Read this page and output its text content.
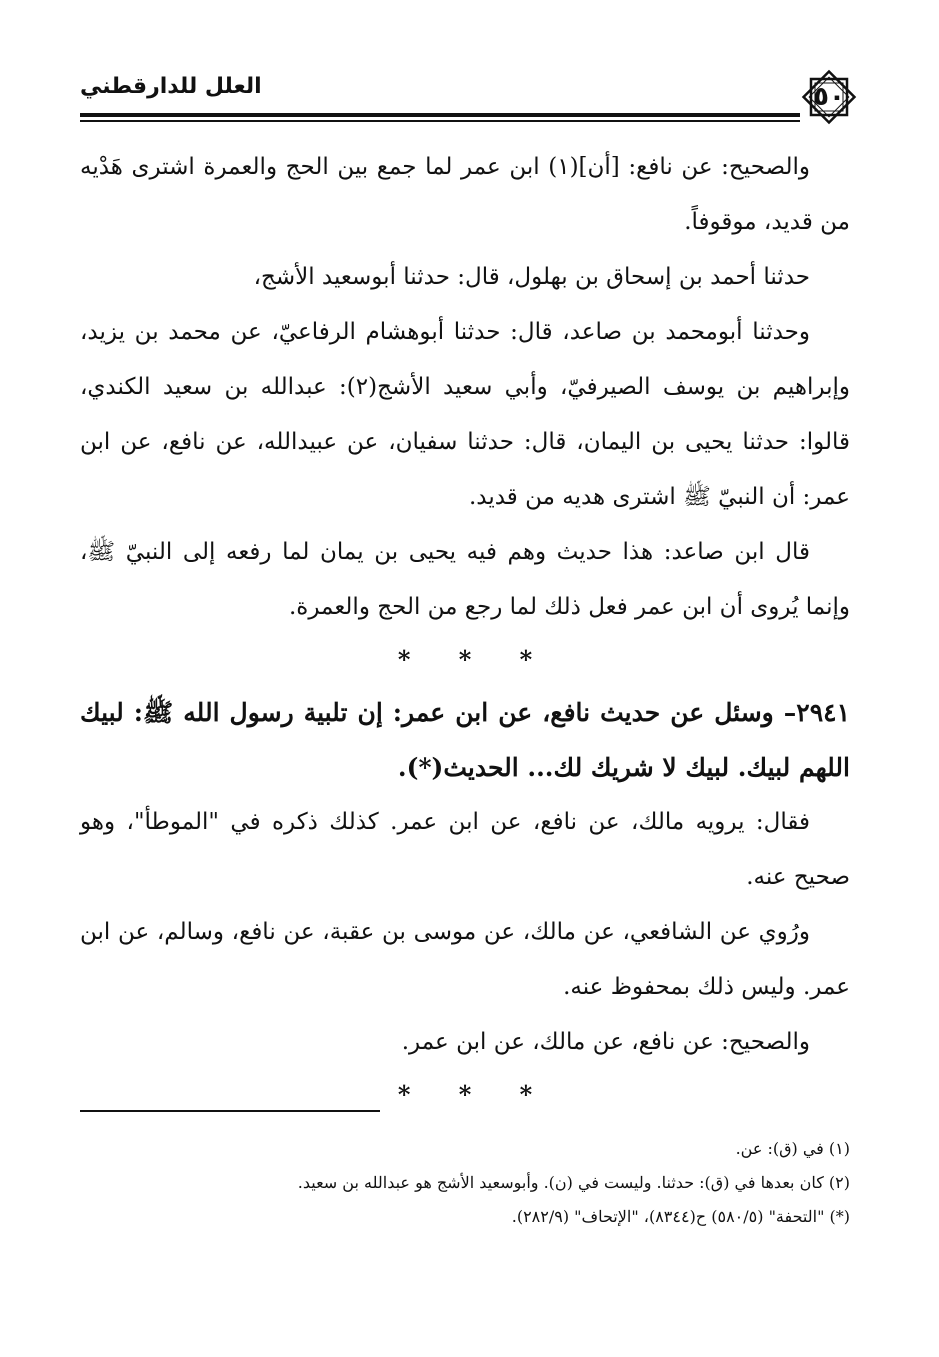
٥٠
العلل للدارقطني

والصحيح: عن نافع: [أن](١) ابن عمر لما جمع بين الحج والعمرة اشترى هَدْيه من قديد، موقوفاً.

حدثنا أحمد بن إسحاق بن بهلول، قال: حدثنا أبوسعيد الأشج،

وحدثنا أبومحمد بن صاعد، قال: حدثنا أبوهشام الرفاعيّ، عن محمد بن يزيد، وإبراهيم بن يوسف الصيرفيّ، وأبي سعيد الأشج(٢): عبدالله بن سعيد الكندي، قالوا: حدثنا يحيى بن اليمان، قال: حدثنا سفيان، عن عبيدالله، عن نافع، عن ابن عمر: أن النبيّ ﷺ اشترى هديه من قديد.

قال ابن صاعد: هذا حديث وهم فيه يحيى بن يمان لما رفعه إلى النبيّ ﷺ، وإنما يُروى أن ابن عمر فعل ذلك لما رجع من الحج والعمرة.

* * *

٢٩٤١– وسئل عن حديث نافع، عن ابن عمر: إن تلبية رسول الله ﷺ: لبيك اللهم لبيك. لبيك لا شريك لك... الحديث(*).

فقال: يرويه مالك، عن نافع، عن ابن عمر. كذلك ذكره في "الموطأ"، وهو صحيح عنه.

ورُوي عن الشافعي، عن مالك، عن موسى بن عقبة، عن نافع، وسالم، عن ابن عمر. وليس ذلك بمحفوظ عنه.

والصحيح: عن نافع، عن مالك، عن ابن عمر.

* * *

(١) في (ق): عن.

(٢) كان بعدها في (ق): حدثنا. وليست في (ن). وأبوسعيد الأشج هو عبدالله بن سعيد.

(*) "التحفة" (٥٨٠/٥) ح(٨٣٤٤)، "الإتحاف" (٢٨٢/٩).
